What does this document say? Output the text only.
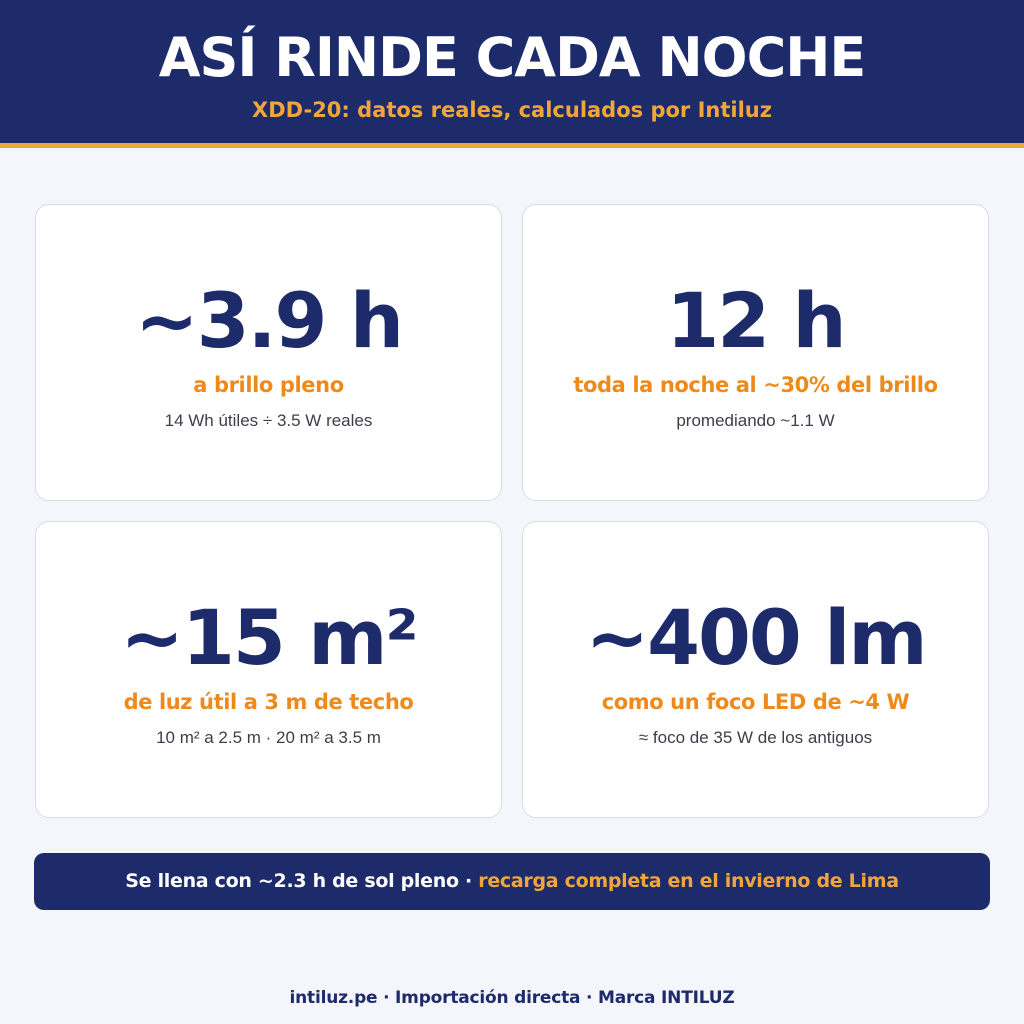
ASÍ RINDE CADA NOCHE
XDD-20: datos reales, calculados por Intiluz
~3.9 h
a brillo pleno
14 Wh útiles ÷ 3.5 W reales
12 h
toda la noche al ~30% del brillo
promediando ~1.1 W
~15 m²
de luz útil a 3 m de techo
10 m² a 2.5 m · 20 m² a 3.5 m
~400 lm
como un foco LED de ~4 W
≈ foco de 35 W de los antiguos
Se llena con ~2.3 h de sol pleno · recarga completa en el invierno de Lima
intiluz.pe · Importación directa · Marca INTILUZ
